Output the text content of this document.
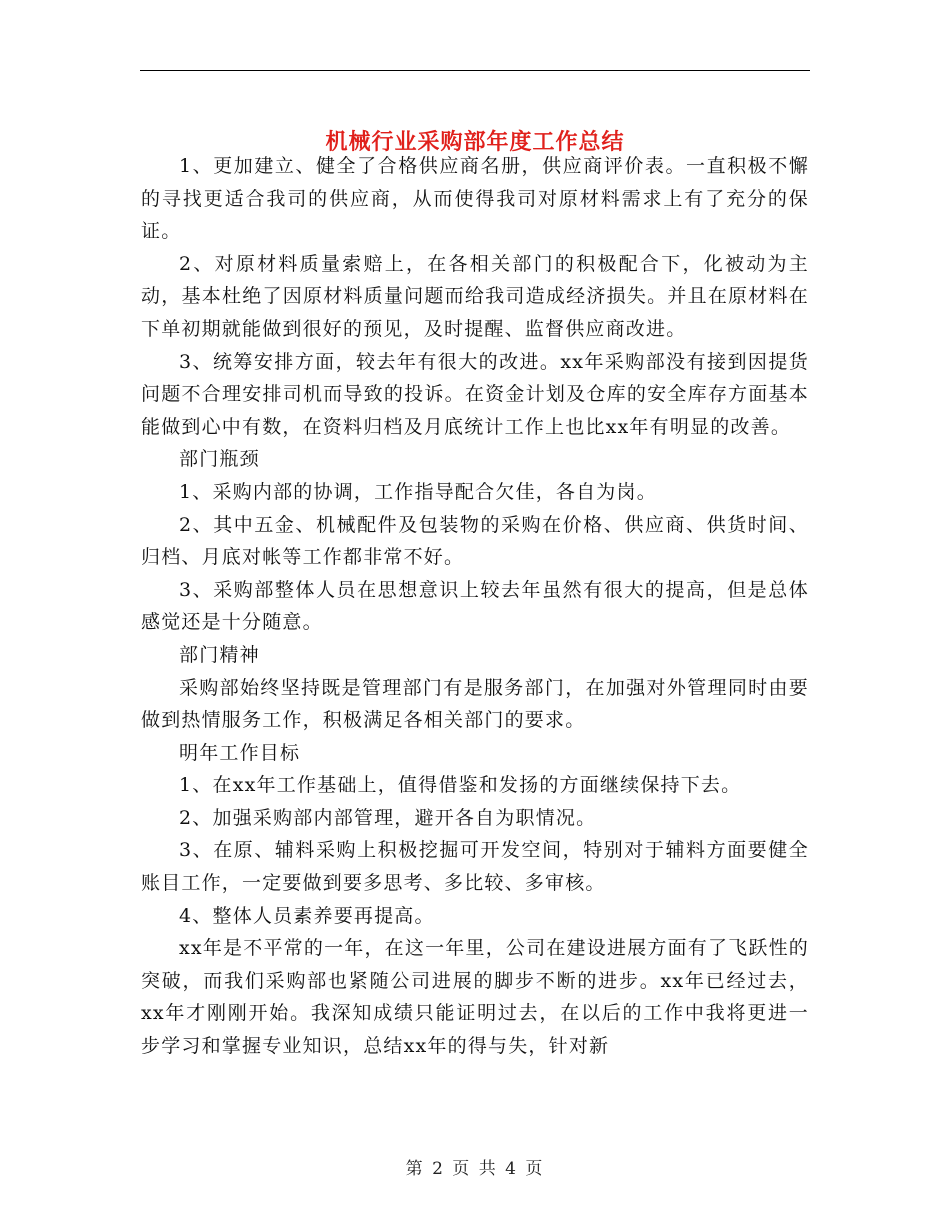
机械行业采购部年度工作总结

1、更加建立、健全了合格供应商名册，供应商评价表。一直积极不懈的寻找更适合我司的供应商，从而使得我司对原材料需求上有了充分的保证。

2、对原材料质量索赔上，在各相关部门的积极配合下，化被动为主动，基本杜绝了因原材料质量问题而给我司造成经济损失。并且在原材料在下单初期就能做到很好的预见，及时提醒、监督供应商改进。

3、统筹安排方面，较去年有很大的改进。xx年采购部没有接到因提货问题不合理安排司机而导致的投诉。在资金计划及仓库的安全库存方面基本能做到心中有数，在资料归档及月底统计工作上也比xx年有明显的改善。

部门瓶颈

1、采购内部的协调，工作指导配合欠佳，各自为岗。

2、其中五金、机械配件及包装物的采购在价格、供应商、供货时间、归档、月底对帐等工作都非常不好。

3、采购部整体人员在思想意识上较去年虽然有很大的提高，但是总体感觉还是十分随意。

部门精神

采购部始终坚持既是管理部门有是服务部门，在加强对外管理同时由要做到热情服务工作，积极满足各相关部门的要求。

明年工作目标

1、在xx年工作基础上，值得借鉴和发扬的方面继续保持下去。

2、加强采购部内部管理，避开各自为职情况。

3、在原、辅料采购上积极挖掘可开发空间，特别对于辅料方面要健全账目工作，一定要做到要多思考、多比较、多审核。

4、整体人员素养要再提高。

xx年是不平常的一年，在这一年里，公司在建设进展方面有了飞跃性的突破，而我们采购部也紧随公司进展的脚步不断的进步。xx年已经过去，xx年才刚刚开始。我深知成绩只能证明过去，在以后的工作中我将更进一步学习和掌握专业知识，总结xx年的得与失，针对新

第 2 页 共 4 页
